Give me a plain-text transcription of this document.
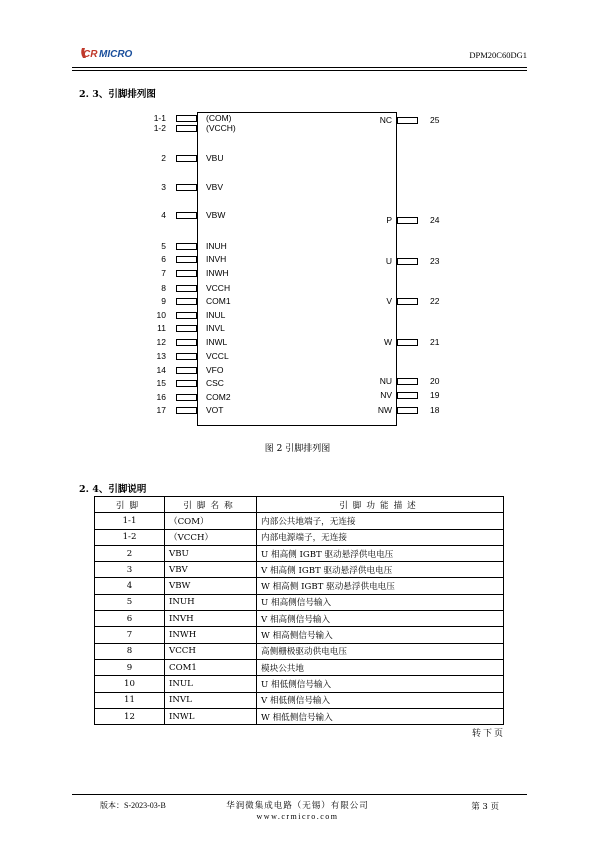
CR MICRO	DPM20C60DG1
2. 3、引脚排列图
1-1	(COM)
1-2	(VCCH)
2	VBU
3	VBV
4	VBW
5	INUH
6	INVH
7	INWH
8	VCCH
9	COM1
10	INUL
11	INVL
12	INWL
13	VCCL
14	VFO
15	CSC
16	COM2
17	VOT
NC	25
P	24
U	23
V	22
W	21
NU	20
NV	19
NW	18
图 2 引脚排列图
2. 4、引脚说明
引脚	引脚名称	引脚功能描述
1-1	（COM）	内部公共地端子，无连接
1-2	（VCCH）	内部电源端子，无连接
2	VBU	U 相高侧 IGBT 驱动悬浮供电电压
3	VBV	V 相高侧 IGBT 驱动悬浮供电电压
4	VBW	W 相高侧 IGBT 驱动悬浮供电电压
5	INUH	U 相高侧信号输入
6	INVH	V 相高侧信号输入
7	INWH	W 相高侧信号输入
8	VCCH	高侧栅极驱动供电电压
9	COM1	模块公共地
10	INUL	U 相低侧信号输入
11	INVL	V 相低侧信号输入
12	INWL	W 相低侧信号输入
转下页
版本：S-2023-03-B	华润微集成电路（无锡）有限公司
www.crmicro.com
第 3 页
